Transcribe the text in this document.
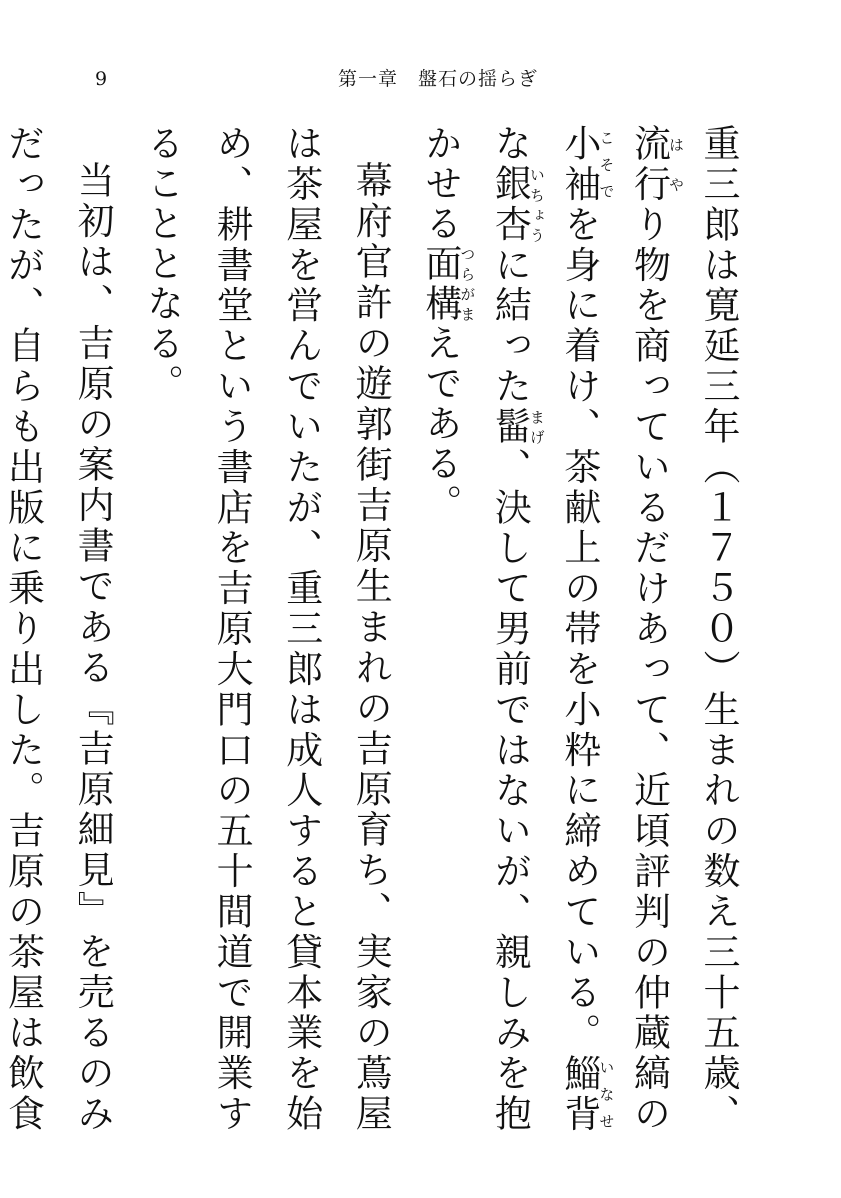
9	第一章　盤石の揺らぎ

重三郎は寛延三年（１７５０）生まれの数え三十五歳、流行はやり物を商っているだけあって、近頃評判の仲蔵縞の小袖こそでを身に着け、茶献上の帯を小粋に締めている。鯔背いなせな銀杏いちょうに結った髷まげ、決して男前ではないが、親しみを抱かせる面構つらがまえである。

幕府官許の遊郭街吉原生まれの吉原育ち、実家の蔦屋は茶屋を営んでいたが、重三郎は成人すると貸本業を始め、耕書堂という書店を吉原大門口の五十間道で開業することとなる。

当初は、吉原の案内書である『吉原細見』を売るのみだったが、自らも出版に乗り出した。吉原の茶屋は飲食
